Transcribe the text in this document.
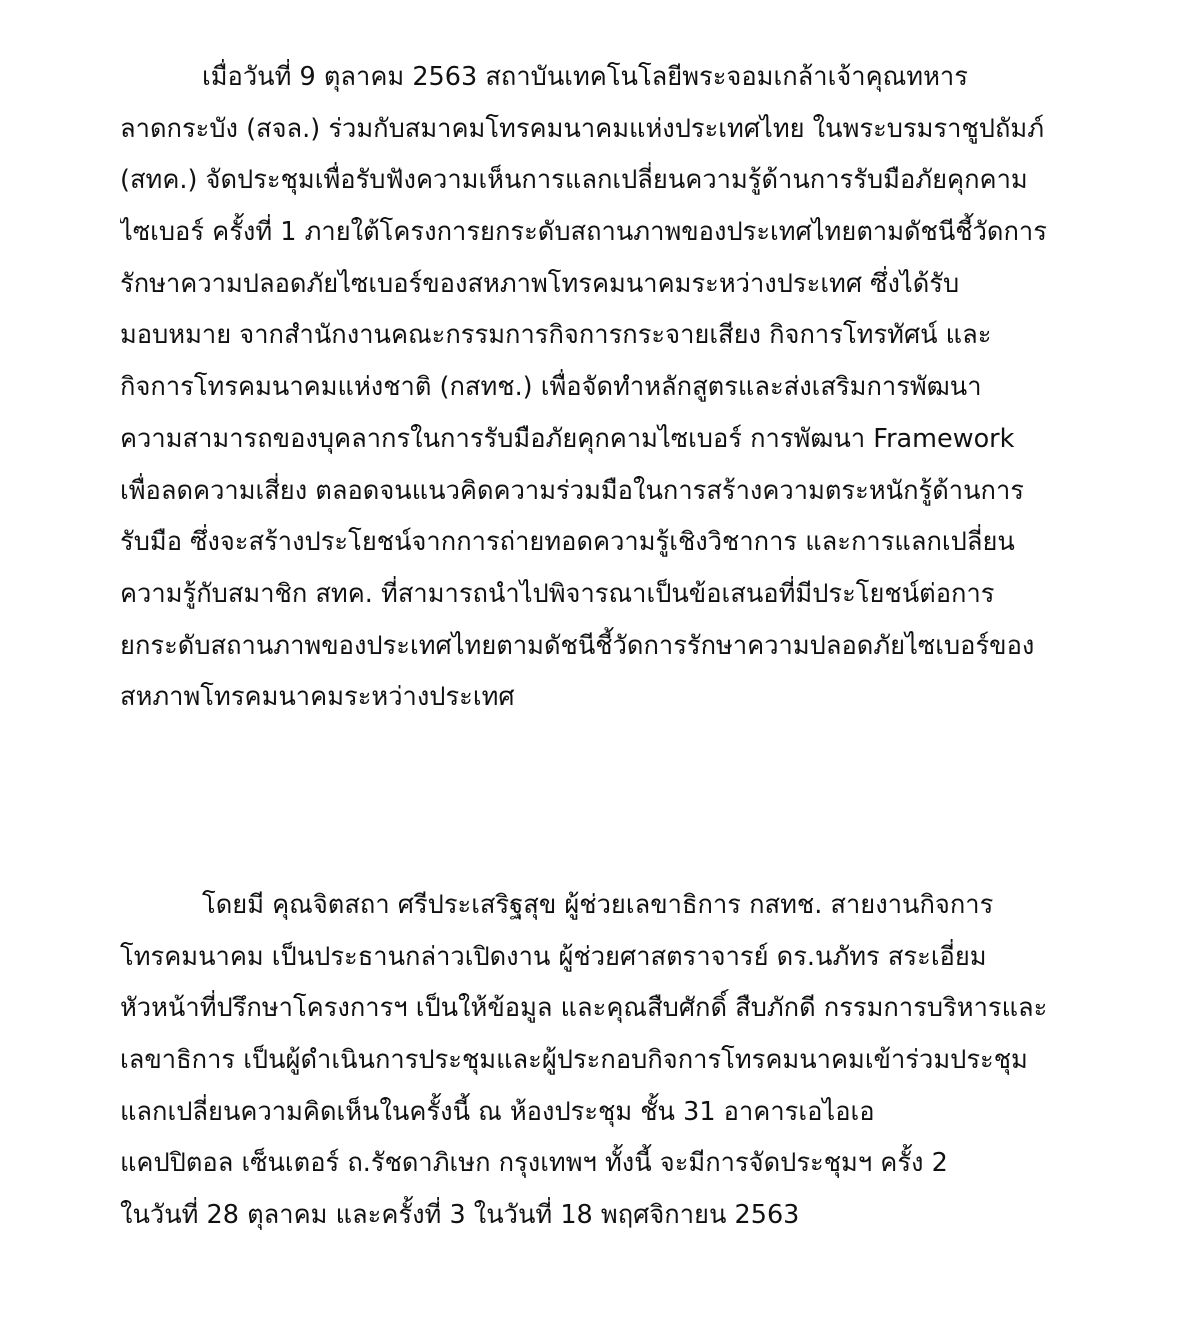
เมื่อวันที่ 9 ตุลาคม 2563 สถาบันเทคโนโลยีพระจอมเกล้าเจ้าคุณทหาร
ลาดกระบัง (สจล.) ร่วมกับสมาคมโทรคมนาคมแห่งประเทศไทย ในพระบรมราชูปถัมภ์
(สทค.) จัดประชุมเพื่อรับฟังความเห็นการแลกเปลี่ยนความรู้ด้านการรับมือภัยคุกคาม
ไซเบอร์ ครั้งที่ 1 ภายใต้โครงการยกระดับสถานภาพของประเทศไทยตามดัชนีชี้วัดการ
รักษาความปลอดภัยไซเบอร์ของสหภาพโทรคมนาคมระหว่างประเทศ ซึ่งได้รับ
มอบหมาย จากสำนักงานคณะกรรมการกิจการกระจายเสียง กิจการโทรทัศน์ และ
กิจการโทรคมนาคมแห่งชาติ (กสทช.) เพื่อจัดทำหลักสูตรและส่งเสริมการพัฒนา
ความสามารถของบุคลากรในการรับมือภัยคุกคามไซเบอร์ การพัฒนา Framework
เพื่อลดความเสี่ยง ตลอดจนแนวคิดความร่วมมือในการสร้างความตระหนักรู้ด้านการ
รับมือ ซึ่งจะสร้างประโยชน์จากการถ่ายทอดความรู้เชิงวิชาการ และการแลกเปลี่ยน
ความรู้กับสมาชิก สทค. ที่สามารถนำไปพิจารณาเป็นข้อเสนอที่มีประโยชน์ต่อการ
ยกระดับสถานภาพของประเทศไทยตามดัชนีชี้วัดการรักษาความปลอดภัยไซเบอร์ของ
สหภาพโทรคมนาคมระหว่างประเทศ
โดยมี คุณจิตสถา ศรีประเสริฐสุข ผู้ช่วยเลขาธิการ กสทช. สายงานกิจการ
โทรคมนาคม เป็นประธานกล่าวเปิดงาน ผู้ช่วยศาสตราจารย์ ดร.นภัทร สระเอี่ยม
หัวหน้าที่ปรึกษาโครงการฯ เป็นให้ข้อมูล และคุณสืบศักดิ์ สืบภักดี กรรมการบริหารและ
เลขาธิการ เป็นผู้ดำเนินการประชุมและผู้ประกอบกิจการโทรคมนาคมเข้าร่วมประชุม
แลกเปลี่ยนความคิดเห็นในครั้งนี้ ณ ห้องประชุม ชั้น 31 อาคารเอไอเอ
แคปปิตอล เซ็นเตอร์ ถ.รัชดาภิเษก กรุงเทพฯ ทั้งนี้ จะมีการจัดประชุมฯ ครั้ง 2
ในวันที่ 28 ตุลาคม และครั้งที่ 3 ในวันที่ 18 พฤศจิกายน 2563
